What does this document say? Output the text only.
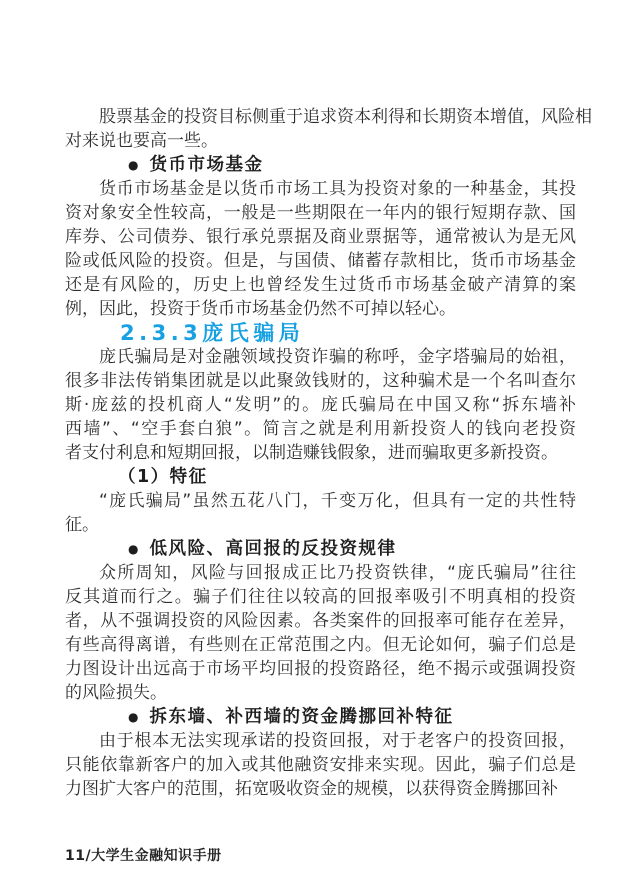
股票基金的投资目标侧重于追求资本利得和长期资本增值，风险相
对来说也要高一些。
● 货币市场基金
货币市场基金是以货币市场工具为投资对象的一种基金，其投
资对象安全性较高，一般是一些期限在一年内的银行短期存款、国
库券、公司债券、银行承兑票据及商业票据等，通常被认为是无风
险或低风险的投资。但是，与国债、储蓄存款相比，货币市场基金
还是有风险的，历史上也曾经发生过货币市场基金破产清算的案
例，因此，投资于货币市场基金仍然不可掉以轻心。
2.3.3庞氏骗局
庞氏骗局是对金融领域投资诈骗的称呼，金字塔骗局的始祖，
很多非法传销集团就是以此聚敛钱财的，这种骗术是一个名叫查尔
斯·庞兹的投机商人“发明”的。庞氏骗局在中国又称“拆东墙补
西墙”、“空手套白狼”。简言之就是利用新投资人的钱向老投资
者支付利息和短期回报，以制造赚钱假象，进而骗取更多新投资。
（1）特征
“庞氏骗局”虽然五花八门，千变万化，但具有一定的共性特
征。
● 低风险、高回报的反投资规律
众所周知，风险与回报成正比乃投资铁律，“庞氏骗局”往往
反其道而行之。骗子们往往以较高的回报率吸引不明真相的投资
者，从不强调投资的风险因素。各类案件的回报率可能存在差异，
有些高得离谱，有些则在正常范围之内。但无论如何，骗子们总是
力图设计出远高于市场平均回报的投资路径，绝不揭示或强调投资
的风险损失。
● 拆东墙、补西墙的资金腾挪回补特征
由于根本无法实现承诺的投资回报，对于老客户的投资回报，
只能依靠新客户的加入或其他融资安排来实现。因此，骗子们总是
力图扩大客户的范围，拓宽吸收资金的规模，以获得资金腾挪回补
11/大学生金融知识手册
